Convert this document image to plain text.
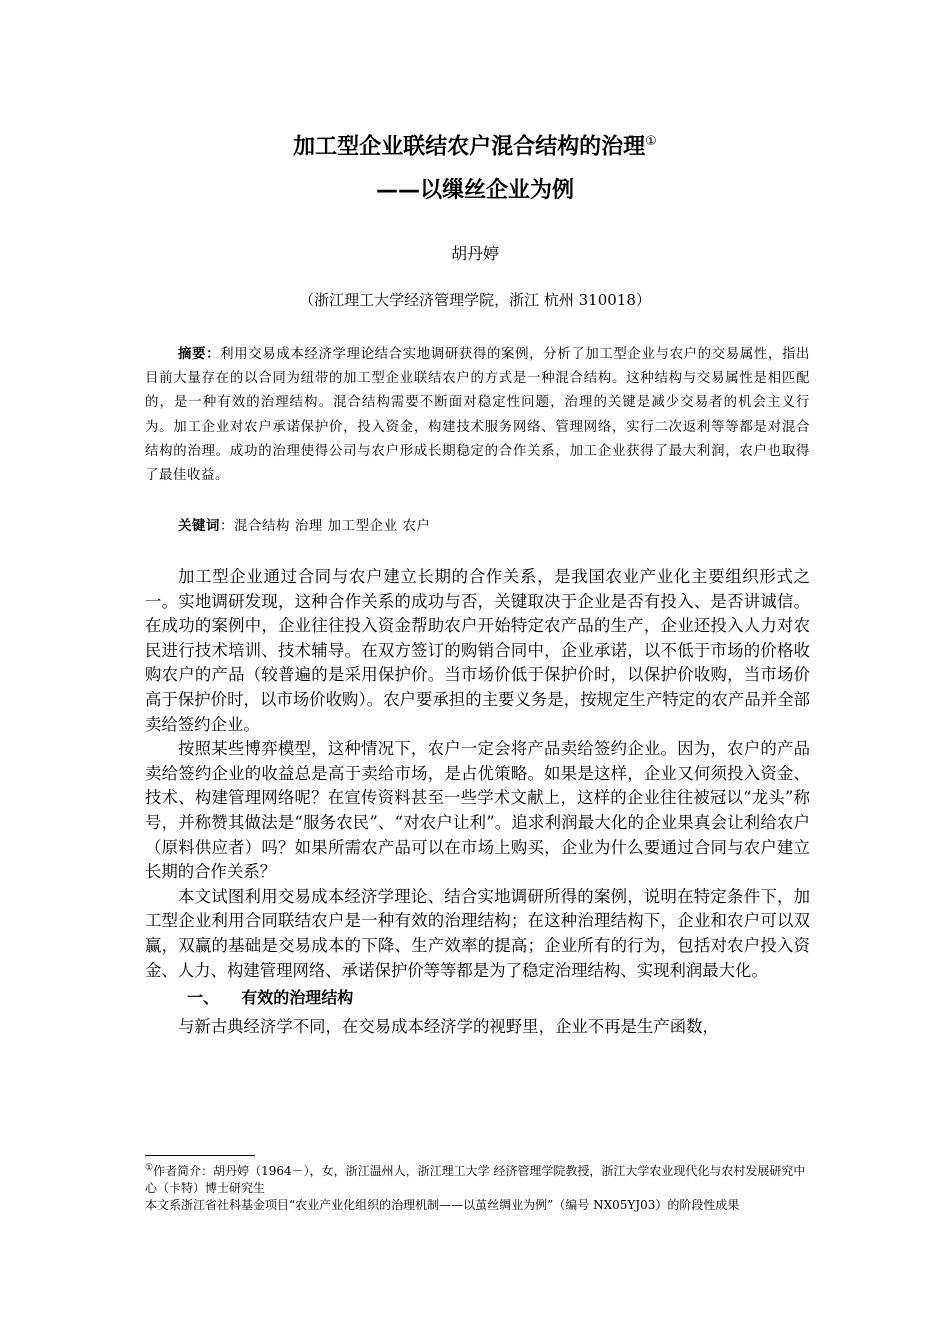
加工型企业联结农户混合结构的治理①
——以缫丝企业为例
胡丹婷
（浙江理工大学经济管理学院，浙江 杭州 310018）

摘要：利用交易成本经济学理论结合实地调研获得的案例，分析了加工型企业与农户的交易属性，指出目前大量存在的以合同为纽带的加工型企业联结农户的方式是一种混合结构。这种结构与交易属性是相匹配的，是一种有效的治理结构。混合结构需要不断面对稳定性问题，治理的关键是减少交易者的机会主义行为。加工企业对农户承诺保护价，投入资金，构建技术服务网络、管理网络，实行二次返利等等都是对混合结构的治理。成功的治理使得公司与农户形成长期稳定的合作关系，加工企业获得了最大利润，农户也取得了最佳收益。

关键词：混合结构 治理 加工型企业 农户

加工型企业通过合同与农户建立长期的合作关系，是我国农业产业化主要组织形式之一。实地调研发现，这种合作关系的成功与否，关键取决于企业是否有投入、是否讲诚信。在成功的案例中，企业往往投入资金帮助农户开始特定农产品的生产，企业还投入人力对农民进行技术培训、技术辅导。在双方签订的购销合同中，企业承诺，以不低于市场的价格收购农户的产品（较普遍的是采用保护价。当市场价低于保护价时，以保护价收购，当市场价高于保护价时，以市场价收购）。农户要承担的主要义务是，按规定生产特定的农产品并全部卖给签约企业。

按照某些博弈模型，这种情况下，农户一定会将产品卖给签约企业。因为，农户的产品卖给签约企业的收益总是高于卖给市场，是占优策略。如果是这样，企业又何须投入资金、技术、构建管理网络呢？在宣传资料甚至一些学术文献上，这样的企业往往被冠以“龙头”称号，并称赞其做法是“服务农民”、“对农户让利”。追求利润最大化的企业果真会让利给农户（原料供应者）吗？如果所需农产品可以在市场上购买，企业为什么要通过合同与农户建立长期的合作关系？

本文试图利用交易成本经济学理论、结合实地调研所得的案例，说明在特定条件下，加工型企业利用合同联结农户是一种有效的治理结构；在这种治理结构下，企业和农户可以双赢，双赢的基础是交易成本的下降、生产效率的提高；企业所有的行为，包括对农户投入资金、人力、构建管理网络、承诺保护价等等都是为了稳定治理结构、实现利润最大化。

一、    有效的治理结构

与新古典经济学不同，在交易成本经济学的视野里，企业不再是生产函数，

①作者简介：胡丹婷（1964－），女，浙江温州人，浙江理工大学 经济管理学院教授，浙江大学农业现代化与农村发展研究中心（卡特）博士研究生

本文系浙江省社科基金项目“农业产业化组织的治理机制——以茧丝绸业为例”（编号 NX05YJ03）的阶段性成果
